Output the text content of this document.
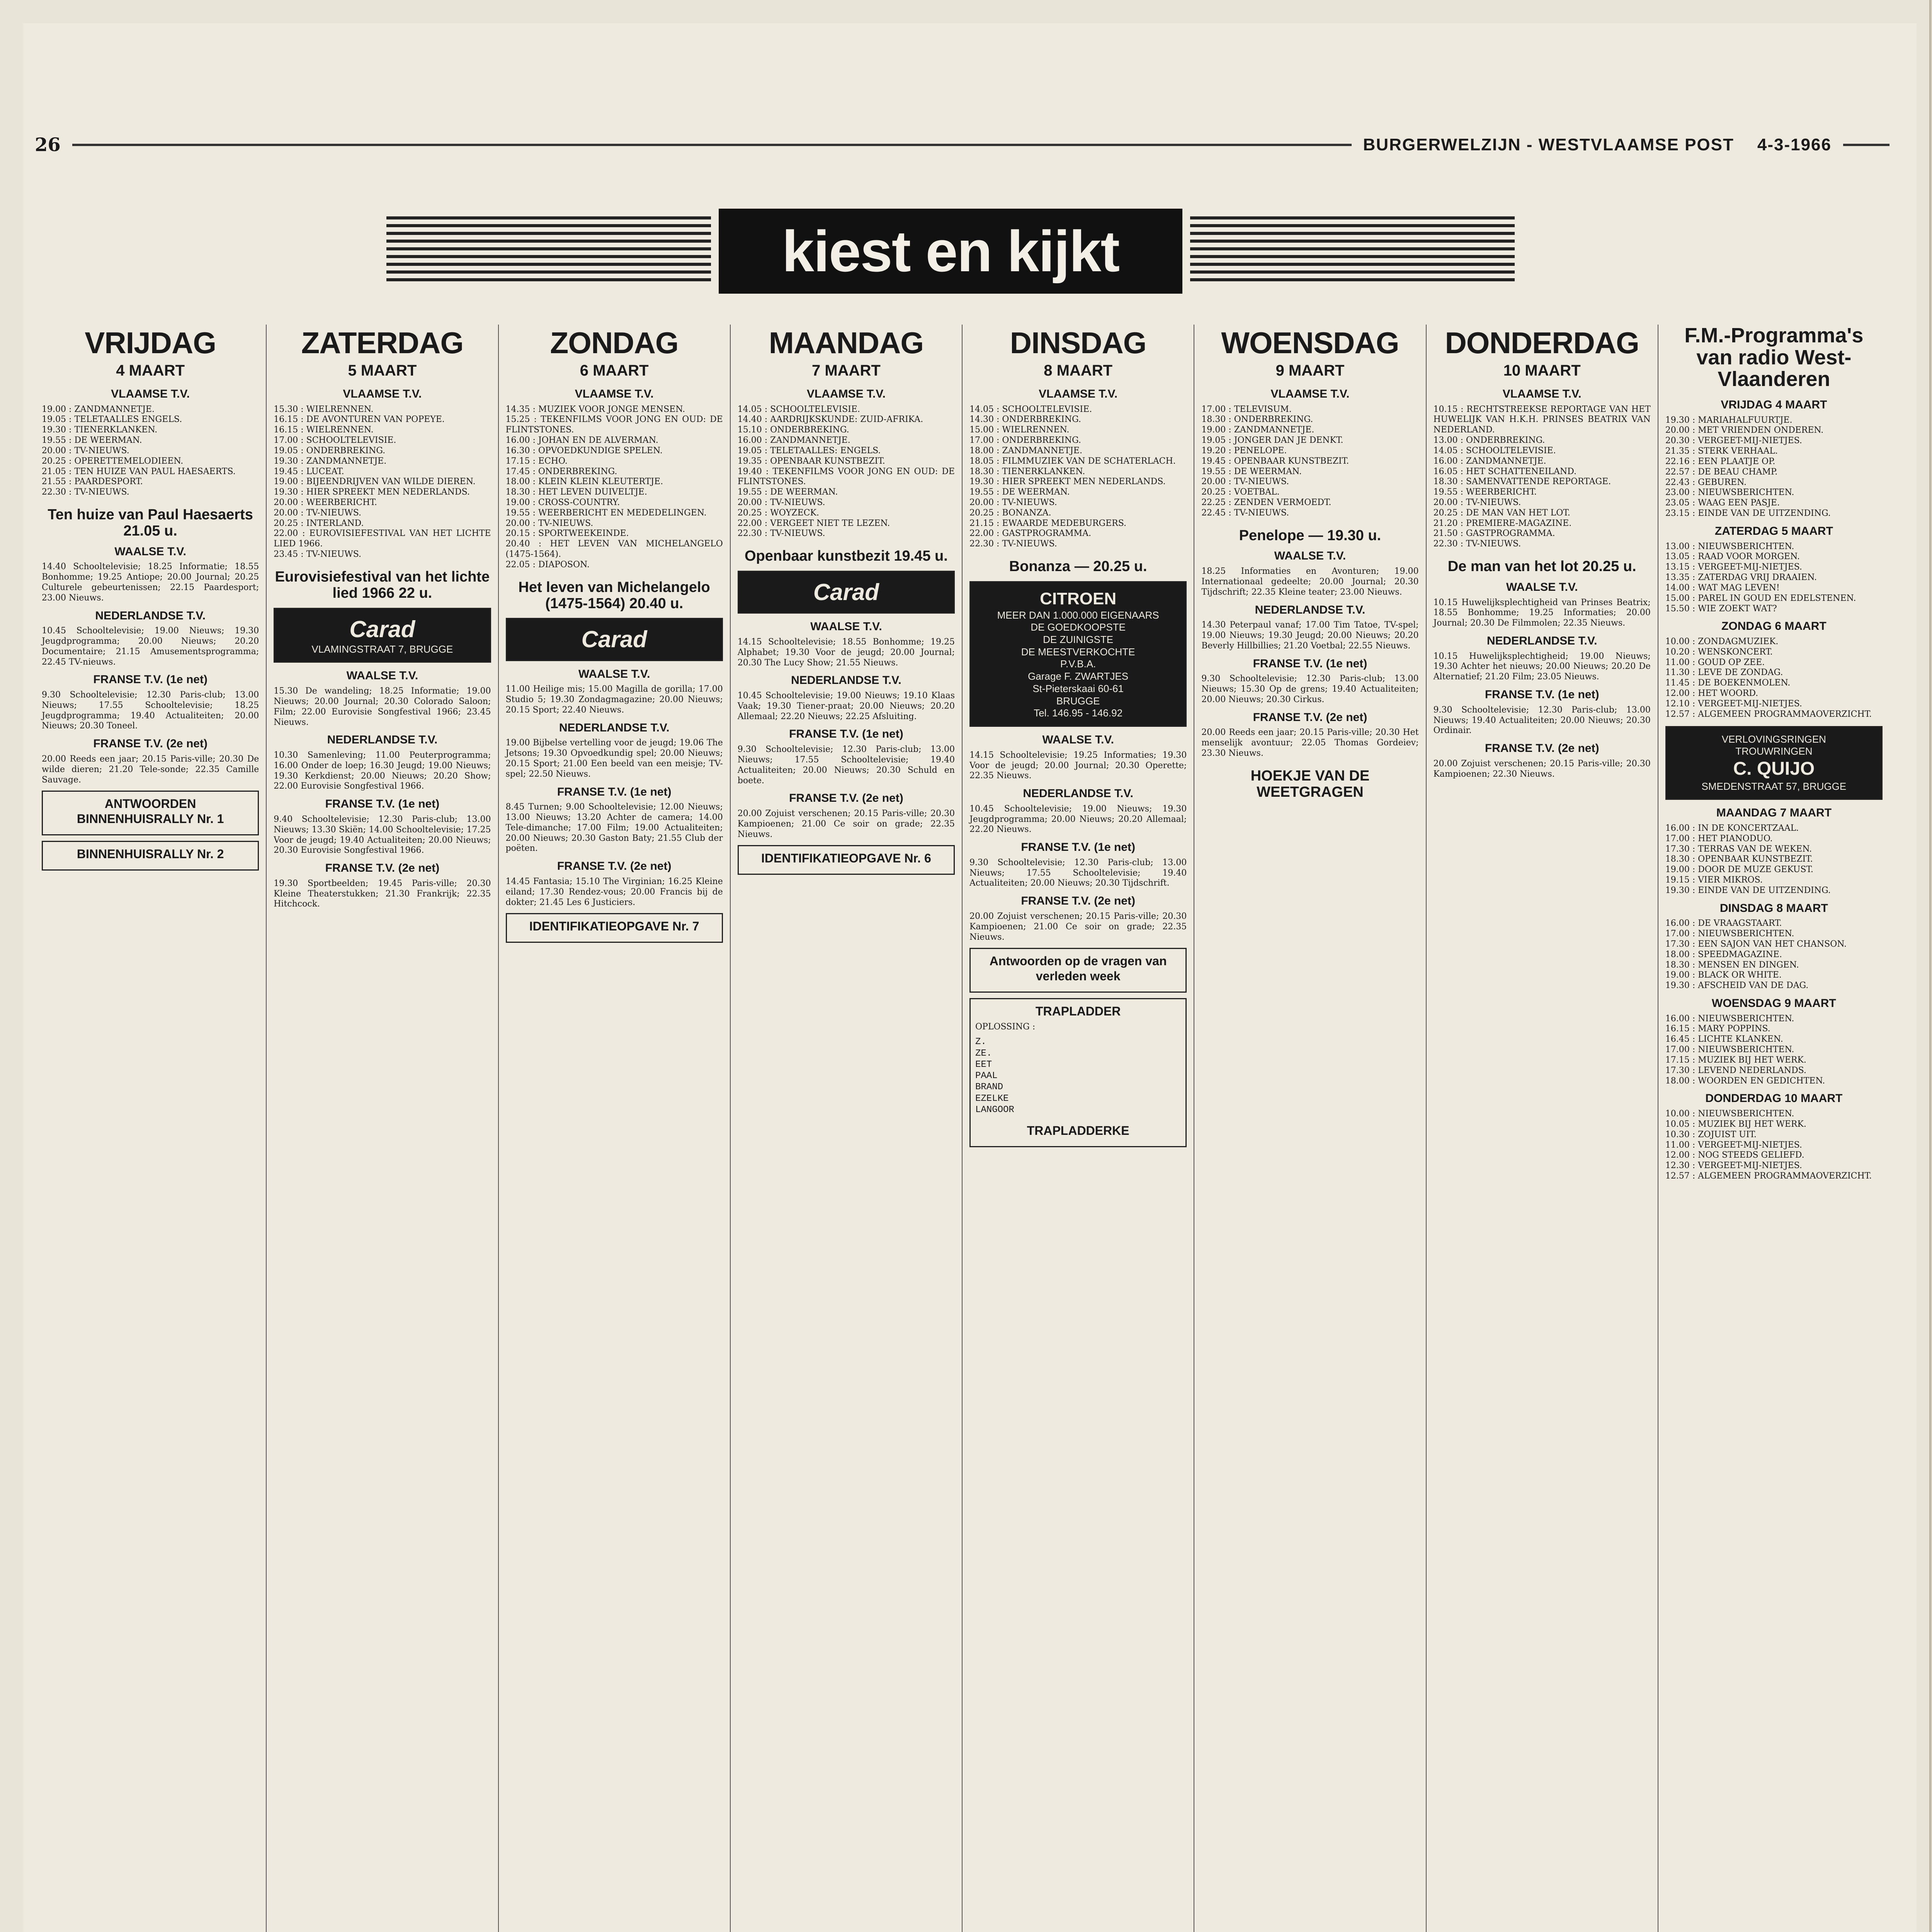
26	BURGERWELZIJN - WESTVLAAMSE POST 4-3-1966
kiest en kijkt
VRIJDAG
4 MAART
VLAAMSE T.V.

19.00 : ZANDMANNETJE.

19.05 : TELETAALLES ENGELS.

19.30 : TIENERKLANKEN.

19.55 : DE WEERMAN.

20.00 : TV-NIEUWS.

20.25 : OPERETTEMELODIEEN.

21.05 : TEN HUIZE VAN PAUL HAESAERTS.

21.55 : PAARDESPORT.

22.30 : TV-NIEUWS.

Ten huize van Paul Haesaerts 21.05 u.
WAALSE T.V.

14.40 Schooltelevisie; 18.25 Informatie; 18.55 Bonhomme; 19.25 Antiope; 20.00 Journal; 20.25 Culturele gebeurtenissen; 22.15 Paardesport; 23.00 Nieuws.

NEDERLANDSE T.V.

10.45 Schooltelevisie; 19.00 Nieuws; 19.30 Jeugdprogramma; 20.00 Nieuws; 20.20 Documentaire; 21.15 Amusementsprogramma; 22.45 TV-nieuws.

FRANSE T.V. (1e net)

9.30 Schooltelevisie; 12.30 Paris-club; 13.00 Nieuws; 17.55 Schooltelevisie; 18.25 Jeugdprogramma; 19.40 Actualiteiten; 20.00 Nieuws; 20.30 Toneel.

FRANSE T.V. (2e net)

20.00 Reeds een jaar; 20.15 Paris-ville; 20.30 De wilde dieren; 21.20 Tele-sonde; 22.35 Camille Sauvage.

ANTWOORDEN BINNENHUISRALLY Nr. 1
BINNENHUISRALLY Nr. 2
ZATERDAG
5 MAART
VLAAMSE T.V.

15.30 : WIELRENNEN.

16.15 : DE AVONTUREN VAN POPEYE.

16.15 : WIELRENNEN.

17.00 : SCHOOLTELEVISIE.

19.05 : ONDERBREKING.

19.30 : ZANDMANNETJE.

19.45 : LUCEAT.

19.00 : BIJEENDRIJVEN VAN WILDE DIEREN.

19.30 : HIER SPREEKT MEN NEDERLANDS.

20.00 : WEERBERICHT.

20.00 : TV-NIEUWS.

20.25 : INTERLAND.

22.00 : EUROVISIEFESTIVAL VAN HET LICHTE LIED 1966.

23.45 : TV-NIEUWS.

Eurovisiefestival van het lichte lied 1966 22 u.
Carad
VLAMINGSTRAAT 7, BRUGGE
WAALSE T.V.

15.30 De wandeling; 18.25 Informatie; 19.00 Nieuws; 20.00 Journal; 20.30 Colorado Saloon; Film; 22.00 Eurovisie Songfestival 1966; 23.45 Nieuws.

NEDERLANDSE T.V.

10.30 Samenleving; 11.00 Peuterprogramma; 16.00 Onder de loep; 16.30 Jeugd; 19.00 Nieuws; 19.30 Kerkdienst; 20.00 Nieuws; 20.20 Show; 22.00 Eurovisie Songfestival 1966.

FRANSE T.V. (1e net)

9.40 Schooltelevisie; 12.30 Paris-club; 13.00 Nieuws; 13.30 Skiën; 14.00 Schooltelevisie; 17.25 Voor de jeugd; 19.40 Actualiteiten; 20.00 Nieuws; 20.30 Eurovisie Songfestival 1966.

FRANSE T.V. (2e net)

19.30 Sportbeelden; 19.45 Paris-ville; 20.30 Kleine Theaterstukken; 21.30 Frankrijk; 22.35 Hitchcock.

ZONDAG
6 MAART
VLAAMSE T.V.

14.35 : MUZIEK VOOR JONGE MENSEN.

15.25 : TEKENFILMS VOOR JONG EN OUD: DE FLINTSTONES.

16.00 : JOHAN EN DE ALVERMAN.

16.30 : OPVOEDKUNDIGE SPELEN.

17.15 : ECHO.

17.45 : ONDERBREKING.

18.00 : KLEIN KLEIN KLEUTERTJE.

18.30 : HET LEVEN DUIVELTJE.

19.00 : CROSS-COUNTRY.

19.55 : WEERBERICHT EN MEDEDELINGEN.

20.00 : TV-NIEUWS.

20.15 : SPORTWEEKEINDE.

20.40 : HET LEVEN VAN MICHELANGELO (1475-1564).

22.05 : DIAPOSON.

Het leven van Michelangelo (1475-1564) 20.40 u.
Carad
WAALSE T.V.

11.00 Heilige mis; 15.00 Magilla de gorilla; 17.00 Studio 5; 19.30 Zondagmagazine; 20.00 Nieuws; 20.15 Sport; 22.40 Nieuws.

NEDERLANDSE T.V.

19.00 Bijbelse vertelling voor de jeugd; 19.06 The Jetsons; 19.30 Opvoedkundig spel; 20.00 Nieuws; 20.15 Sport; 21.00 Een beeld van een meisje; TV-spel; 22.50 Nieuws.

FRANSE T.V. (1e net)

8.45 Turnen; 9.00 Schooltelevisie; 12.00 Nieuws; 13.00 Nieuws; 13.20 Achter de camera; 14.00 Tele-dimanche; 17.00 Film; 19.00 Actualiteiten; 20.00 Nieuws; 20.30 Gaston Baty; 21.55 Club der poëten.

FRANSE T.V. (2e net)

14.45 Fantasia; 15.10 The Virginian; 16.25 Kleine eiland; 17.30 Rendez-vous; 20.00 Francis bij de dokter; 21.45 Les 6 Justiciers.

IDENTIFIKATIEOPGAVE Nr. 7
MAANDAG
7 MAART
VLAAMSE T.V.

14.05 : SCHOOLTELEVISIE.

14.40 : AARDRIJKSKUNDE: ZUID-AFRIKA.

15.10 : ONDERBREKING.

16.00 : ZANDMANNETJE.

19.05 : TELETAALLES: ENGELS.

19.35 : OPENBAAR KUNSTBEZIT.

19.40 : TEKENFILMS VOOR JONG EN OUD: DE FLINTSTONES.

19.55 : DE WEERMAN.

20.00 : TV-NIEUWS.

20.25 : WOYZECK.

22.00 : VERGEET NIET TE LEZEN.

22.30 : TV-NIEUWS.

Openbaar kunstbezit 19.45 u.
Carad
WAALSE T.V.

14.15 Schooltelevisie; 18.55 Bonhomme; 19.25 Alphabet; 19.30 Voor de jeugd; 20.00 Journal; 20.30 The Lucy Show; 21.55 Nieuws.

NEDERLANDSE T.V.

10.45 Schooltelevisie; 19.00 Nieuws; 19.10 Klaas Vaak; 19.30 Tiener-praat; 20.00 Nieuws; 20.20 Allemaal; 22.20 Nieuws; 22.25 Afsluiting.

FRANSE T.V. (1e net)

9.30 Schooltelevisie; 12.30 Paris-club; 13.00 Nieuws; 17.55 Schooltelevisie; 19.40 Actualiteiten; 20.00 Nieuws; 20.30 Schuld en boete.

FRANSE T.V. (2e net)

20.00 Zojuist verschenen; 20.15 Paris-ville; 20.30 Kampioenen; 21.00 Ce soir on grade; 22.35 Nieuws.

IDENTIFIKATIEOPGAVE Nr. 6
DINSDAG
8 MAART
VLAAMSE T.V.

14.05 : SCHOOLTELEVISIE.

14.30 : ONDERBREKING.

15.00 : WIELRENNEN.

17.00 : ONDERBREKING.

18.00 : ZANDMANNETJE.

18.05 : FILMMUZIEK VAN DE SCHATERLACH.

18.30 : TIENERKLANKEN.

19.30 : HIER SPREEKT MEN NEDERLANDS.

19.55 : DE WEERMAN.

20.00 : TV-NIEUWS.

20.25 : BONANZA.

21.15 : EWAARDE MEDEBURGERS.

22.00 : GASTPROGRAMMA.

22.30 : TV-NIEUWS.

Bonanza — 20.25 u.
CITROEN
MEER DAN 1.000.000 EIGENAARS
DE GOEDKOOPSTE
DE ZUINIGSTE
DE MEESTVERKOCHTE
P.V.B.A.
Garage F. ZWARTJES
St-Pieterskaai 60-61
BRUGGE
Tel. 146.95 - 146.92
WAALSE T.V.

14.15 Schooltelevisie; 19.25 Informaties; 19.30 Voor de jeugd; 20.00 Journal; 20.30 Operette; 22.35 Nieuws.

NEDERLANDSE T.V.

10.45 Schooltelevisie; 19.00 Nieuws; 19.30 Jeugdprogramma; 20.00 Nieuws; 20.20 Allemaal; 22.20 Nieuws.

FRANSE T.V. (1e net)

9.30 Schooltelevisie; 12.30 Paris-club; 13.00 Nieuws; 17.55 Schooltelevisie; 19.40 Actualiteiten; 20.00 Nieuws; 20.30 Tijdschrift.

FRANSE T.V. (2e net)

20.00 Zojuist verschenen; 20.15 Paris-ville; 20.30 Kampioenen; 21.00 Ce soir on grade; 22.35 Nieuws.

Antwoorden op de vragen van verleden week
TRAPLADDER
OPLOSSING :
Z.
ZE.
EET
PAAL
BRAND
EZELKE
LANGOOR
TRAPLADDERKE
WOENSDAG
9 MAART
VLAAMSE T.V.

17.00 : TELEVISUM.

18.30 : ONDERBREKING.

19.00 : ZANDMANNETJE.

19.05 : JONGER DAN JE DENKT.

19.20 : PENELOPE.

19.45 : OPENBAAR KUNSTBEZIT.

19.55 : DE WEERMAN.

20.00 : TV-NIEUWS.

20.25 : VOETBAL.

22.25 : ZENDEN VERMOEDT.

22.45 : TV-NIEUWS.

Penelope — 19.30 u.
WAALSE T.V.

18.25 Informaties en Avonturen; 19.00 Internationaal gedeelte; 20.00 Journal; 20.30 Tijdschrift; 22.35 Kleine teater; 23.00 Nieuws.

NEDERLANDSE T.V.

14.30 Peterpaul vanaf; 17.00 Tim Tatoe, TV-spel; 19.00 Nieuws; 19.30 Jeugd; 20.00 Nieuws; 20.20 Beverly Hillbillies; 21.20 Voetbal; 22.55 Nieuws.

FRANSE T.V. (1e net)

9.30 Schooltelevisie; 12.30 Paris-club; 13.00 Nieuws; 15.30 Op de grens; 19.40 Actualiteiten; 20.00 Nieuws; 20.30 Cirkus.

FRANSE T.V. (2e net)

20.00 Reeds een jaar; 20.15 Paris-ville; 20.30 Het menselijk avontuur; 22.05 Thomas Gordeiev; 23.30 Nieuws.

HOEKJE VAN DE WEETGRAGEN
DONDERDAG
10 MAART
VLAAMSE T.V.

10.15 : RECHTSTREEKSE REPORTAGE VAN HET HUWELIJK VAN H.K.H. PRINSES BEATRIX VAN NEDERLAND.

13.00 : ONDERBREKING.

14.05 : SCHOOLTELEVISIE.

16.00 : ZANDMANNETJE.

16.05 : HET SCHATTENEILAND.

18.30 : SAMENVATTENDE REPORTAGE.

19.55 : WEERBERICHT.

20.00 : TV-NIEUWS.

20.25 : DE MAN VAN HET LOT.

21.20 : PREMIERE-MAGAZINE.

21.50 : GASTPROGRAMMA.

22.30 : TV-NIEUWS.

De man van het lot 20.25 u.
WAALSE T.V.

10.15 Huwelijksplechtigheid van Prinses Beatrix; 18.55 Bonhomme; 19.25 Informaties; 20.00 Journal; 20.30 De Filmmolen; 22.35 Nieuws.

NEDERLANDSE T.V.

10.15 Huwelijksplechtigheid; 19.00 Nieuws; 19.30 Achter het nieuws; 20.00 Nieuws; 20.20 De Alternatief; 21.20 Film; 23.05 Nieuws.

FRANSE T.V. (1e net)

9.30 Schooltelevisie; 12.30 Paris-club; 13.00 Nieuws; 19.40 Actualiteiten; 20.00 Nieuws; 20.30 Ordinair.

FRANSE T.V. (2e net)

20.00 Zojuist verschenen; 20.15 Paris-ville; 20.30 Kampioenen; 22.30 Nieuws.

F.M.-Programma's van radio West-Vlaanderen
VRIJDAG 4 MAART

19.30 : MARIAHALFUURTJE.

20.00 : MET VRIENDEN ONDEREN.

20.30 : VERGEET-MIJ-NIETJES.

21.35 : STERK VERHAAL.

22.16 : EEN PLAATJE OP.

22.57 : DE BEAU CHAMP.

22.43 : GEBUREN.

23.00 : NIEUWSBERICHTEN.

23.05 : WAAG EEN PASJE.

23.15 : EINDE VAN DE UITZENDING.

ZATERDAG 5 MAART

13.00 : NIEUWSBERICHTEN.

13.05 : RAAD VOOR MORGEN.

13.15 : VERGEET-MIJ-NIETJES.

13.35 : ZATERDAG VRIJ DRAAIEN.

14.00 : WAT MAG LEVEN!

15.00 : PAREL IN GOUD EN EDELSTENEN.

15.50 : WIE ZOEKT WAT?

ZONDAG 6 MAART

10.00 : ZONDAGMUZIEK.

10.20 : WENSKONCERT.

11.00 : GOUD OP ZEE.

11.30 : LEVE DE ZONDAG.

11.45 : DE BOEKENMOLEN.

12.00 : HET WOORD.

12.10 : VERGEET-MIJ-NIETJES.

12.57 : ALGEMEEN PROGRAMMAOVERZICHT.

VERLOVINGSRINGEN
TROUWRINGEN
C. QUIJO
SMEDENSTRAAT 57, BRUGGE
MAANDAG 7 MAART

16.00 : IN DE KONCERTZAAL.

17.00 : HET PIANODUO.

17.30 : TERRAS VAN DE WEKEN.

18.30 : OPENBAAR KUNSTBEZIT.

19.00 : DOOR DE MUZE GEKUST.

19.15 : VIER MIKROS.

19.30 : EINDE VAN DE UITZENDING.

DINSDAG 8 MAART

16.00 : DE VRAAGSTAART.

17.00 : NIEUWSBERICHTEN.

17.30 : EEN SAJON VAN HET CHANSON.

18.00 : SPEEDMAGAZINE.

18.30 : MENSEN EN DINGEN.

19.00 : BLACK OR WHITE.

19.30 : AFSCHEID VAN DE DAG.

WOENSDAG 9 MAART

16.00 : NIEUWSBERICHTEN.

16.15 : MARY POPPINS.

16.45 : LICHTE KLANKEN.

17.00 : NIEUWSBERICHTEN.

17.15 : MUZIEK BIJ HET WERK.

17.30 : LEVEND NEDERLANDS.

18.00 : WOORDEN EN GEDICHTEN.

DONDERDAG 10 MAART

10.00 : NIEUWSBERICHTEN.

10.05 : MUZIEK BIJ HET WERK.

10.30 : ZOJUIST UIT.

11.00 : VERGEET-MIJ-NIETJES.

12.00 : NOG STEEDS GELIEFD.

12.30 : VERGEET-MIJ-NIETJES.

12.57 : ALGEMEEN PROGRAMMAOVERZICHT.
